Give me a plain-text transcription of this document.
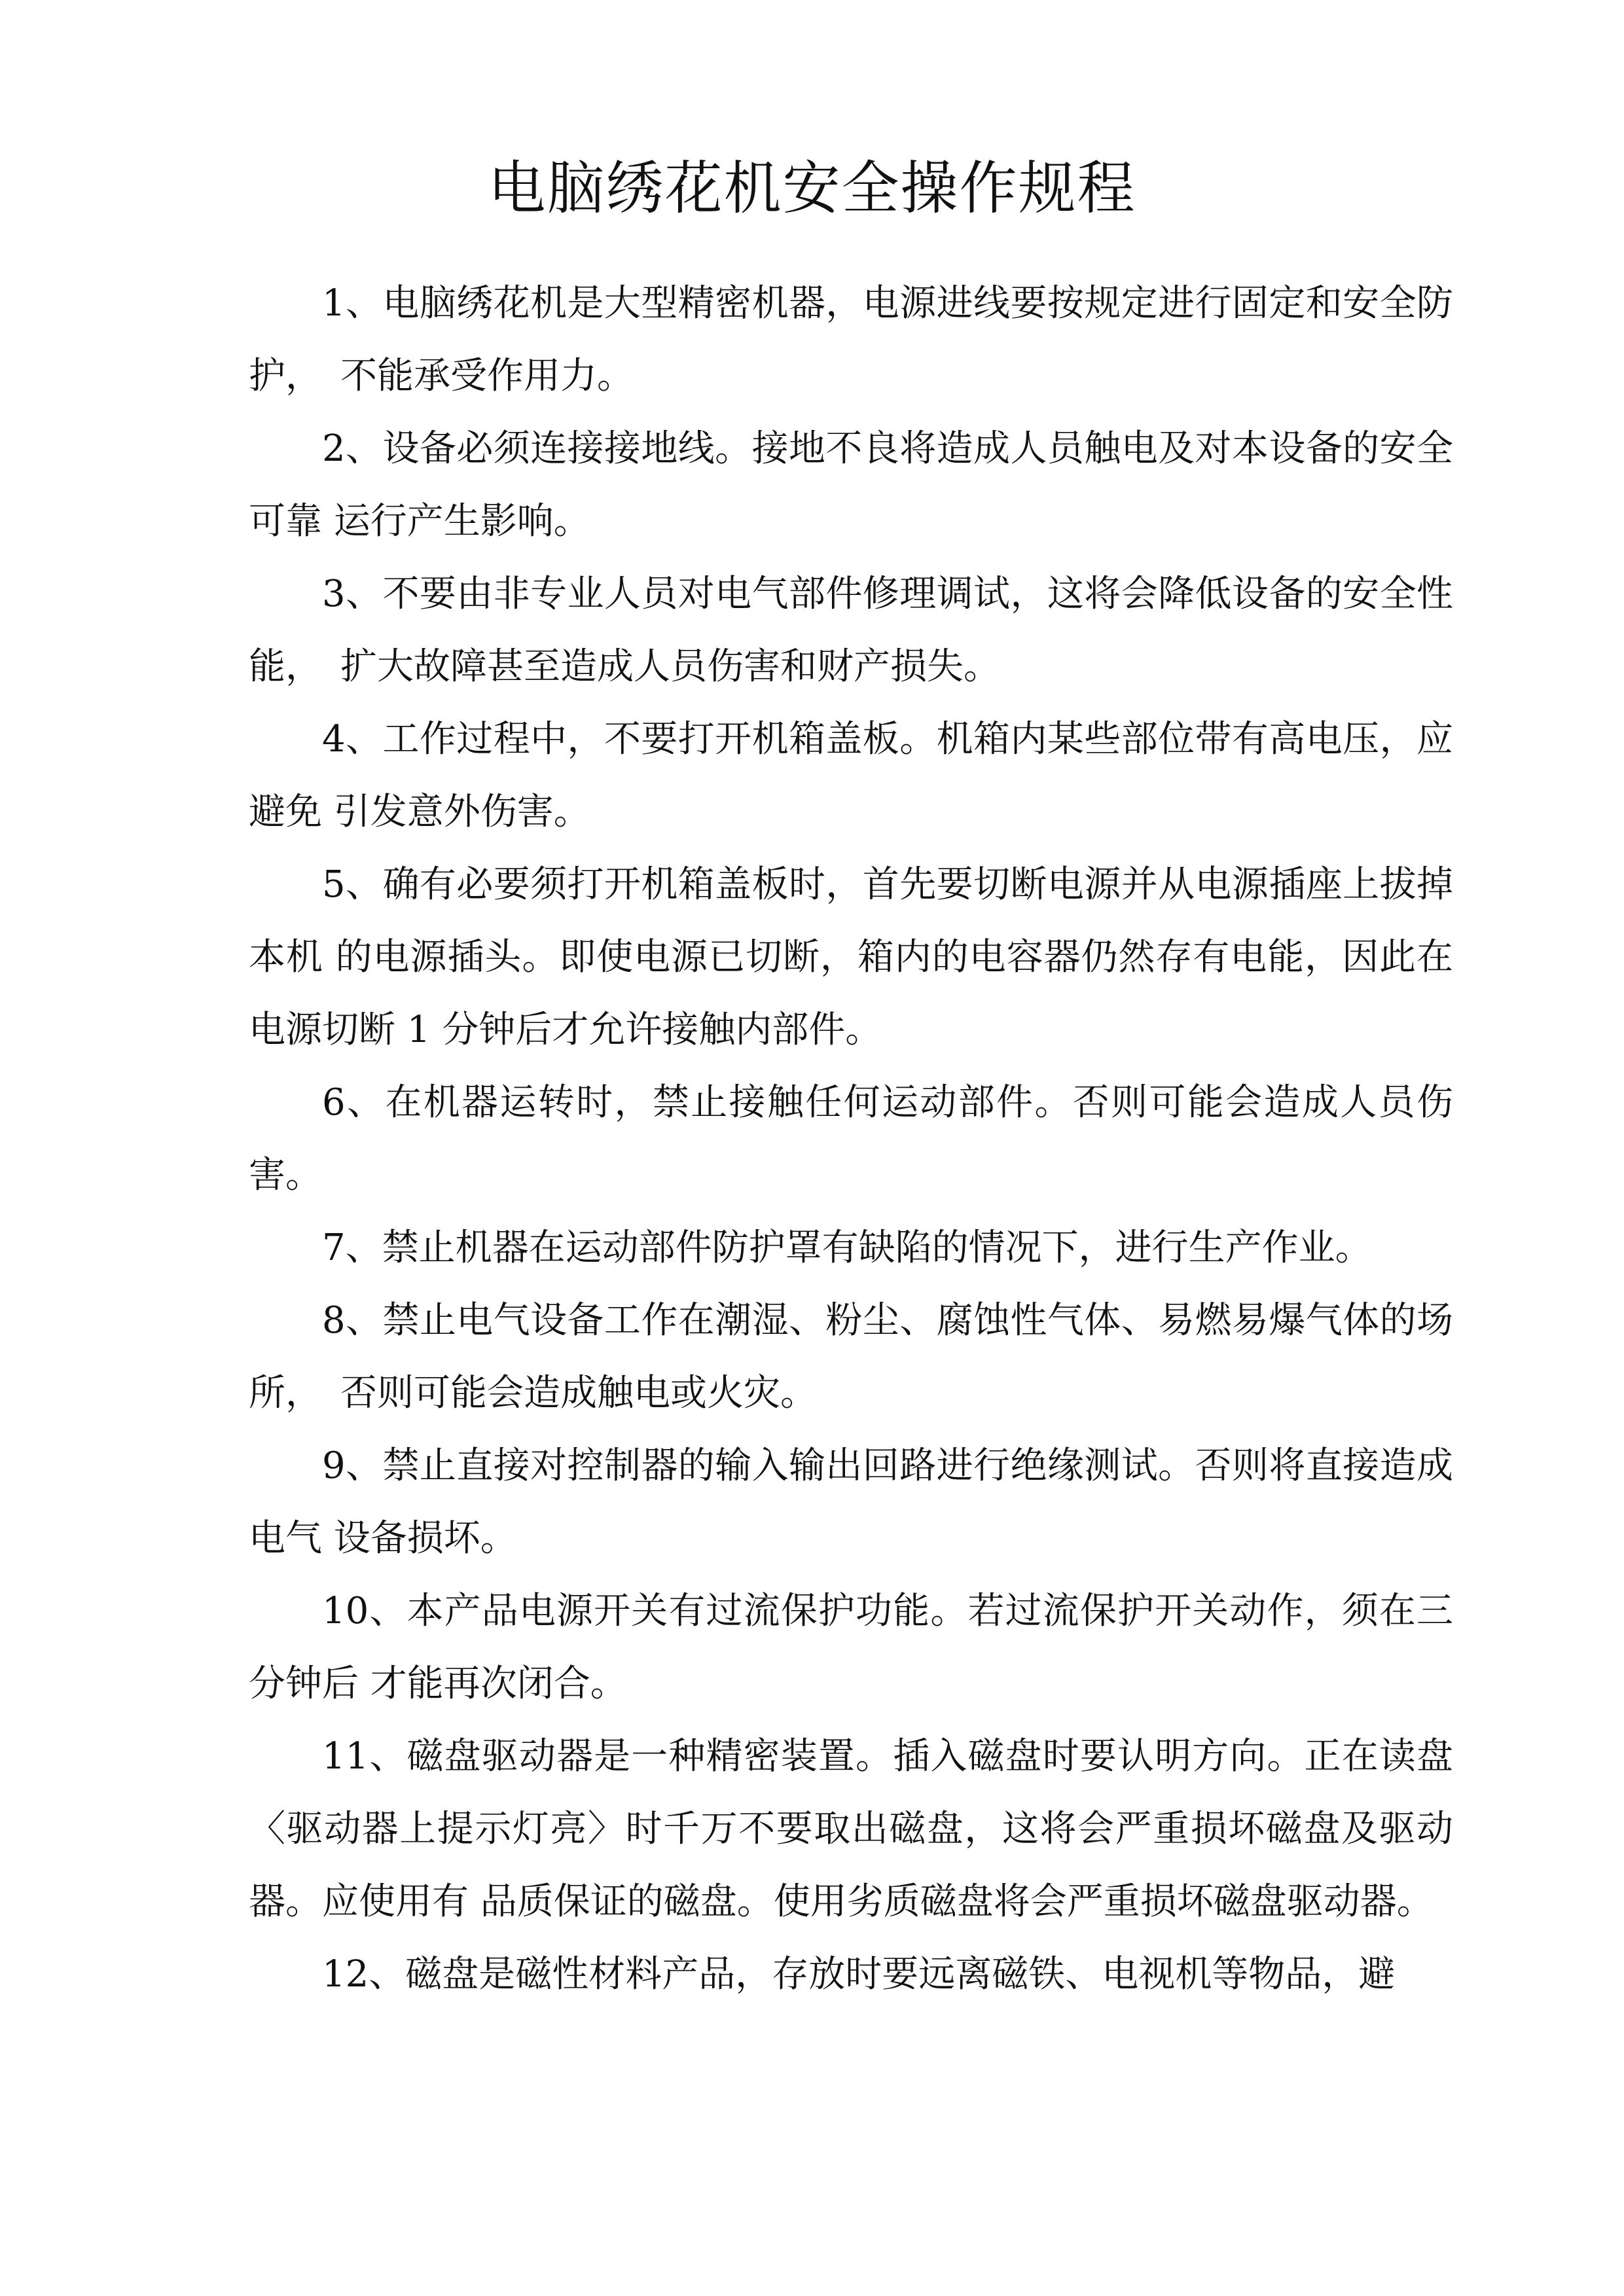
电脑绣花机安全操作规程

1、电脑绣花机是大型精密机器，电源进线要按规定进行固定和安全防护，　不能承受作用力。

2、设备必须连接接地线。接地不良将造成人员触电及对本设备的安全可靠 运行产生影响。

3、不要由非专业人员对电气部件修理调试，这将会降低设备的安全性能，　扩大故障甚至造成人员伤害和财产损失。

4、工作过程中，不要打开机箱盖板。机箱内某些部位带有高电压，应避免 引发意外伤害。

5、确有必要须打开机箱盖板时，首先要切断电源并从电源插座上拔掉本机 的电源插头。即使电源已切断，箱内的电容器仍然存有电能，因此在电源切断 1 分钟后才允许接触内部件。

6、在机器运转时，禁止接触任何运动部件。否则可能会造成人员伤害。

7、禁止机器在运动部件防护罩有缺陷的情况下，进行生产作业。

8、禁止电气设备工作在潮湿、粉尘、腐蚀性气体、易燃易爆气体的场所，　否则可能会造成触电或火灾。

9、禁止直接对控制器的输入输出回路进行绝缘测试。否则将直接造成电气 设备损坏。

10、本产品电源开关有过流保护功能。若过流保护开关动作，须在三分钟后 才能再次闭合。

11、磁盘驱动器是一种精密装置。插入磁盘时要认明方向。正在读盘〈驱动器上提示灯亮〉时千万不要取出磁盘，这将会严重损坏磁盘及驱动器。应使用有 品质保证的磁盘。使用劣质磁盘将会严重损坏磁盘驱动器。

12、磁盘是磁性材料产品，存放时要远离磁铁、电视机等物品，避
